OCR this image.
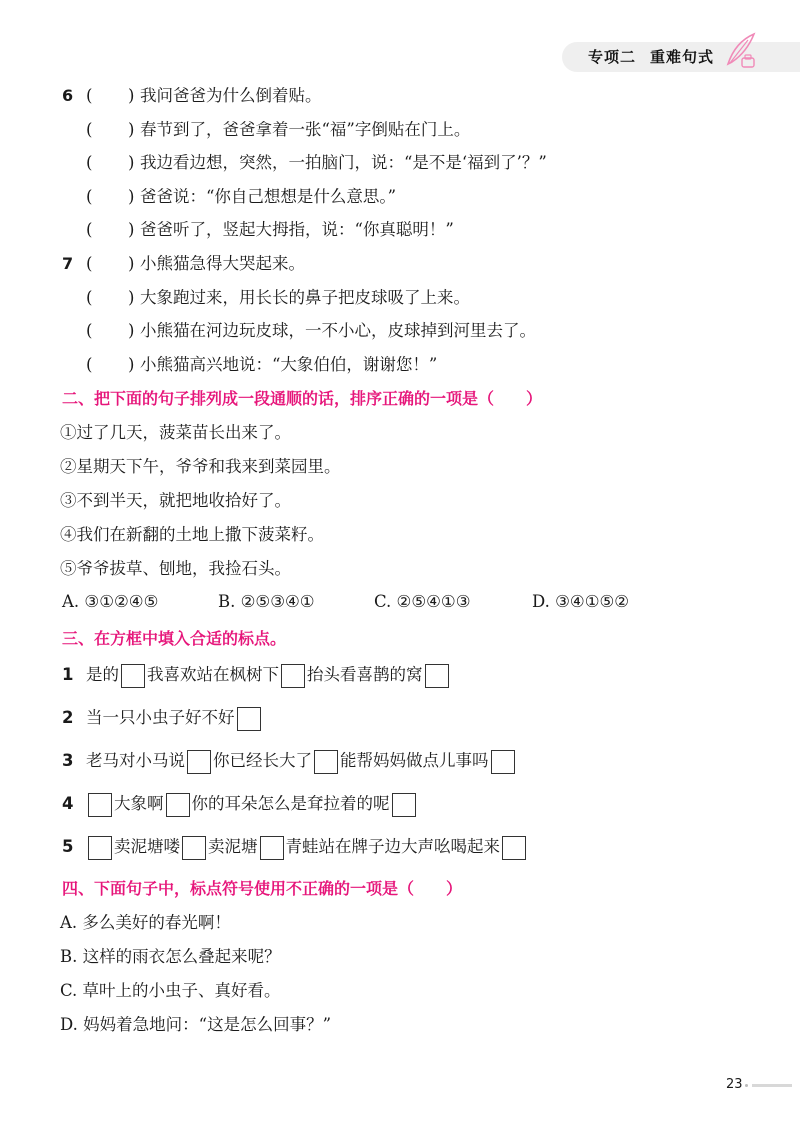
专项二 重难句式
6 ( ) 我问爸爸为什么倒着贴。
( ) 春节到了，爸爸拿着一张“福”字倒贴在门上。
( ) 我边看边想，突然，一拍脑门，说：“是不是‘福到了’？”
( ) 爸爸说：“你自己想想是什么意思。”
( ) 爸爸听了，竖起大拇指，说：“你真聪明！”
7 ( ) 小熊猫急得大哭起来。
( ) 大象跑过来，用长长的鼻子把皮球吸了上来。
( ) 小熊猫在河边玩皮球，一不小心，皮球掉到河里去了。
( ) 小熊猫高兴地说：“大象伯伯，谢谢您！”
二、把下面的句子排列成一段通顺的话，排序正确的一项是（　　）
①过了几天，菠菜苗长出来了。
②星期天下午，爷爷和我来到菜园里。
③不到半天，就把地收拾好了。
④我们在新翻的土地上撒下菠菜籽。
⑤爷爷拔草、刨地，我捡石头。
A. ③①②④⑤	B. ②⑤③④①	C. ②⑤④①③	D. ③④①⑤②
三、在方框中填入合适的标点。
1 是的 我喜欢站在枫树下 抬头看喜鹊的窝
2 当一只小虫子好不好
3 老马对小马说 你已经长大了 能帮妈妈做点儿事吗
4 大象啊 你的耳朵怎么是耷拉着的呢
5 卖泥塘喽 卖泥塘 青蛙站在牌子边大声吆喝起来
四、下面句子中，标点符号使用不正确的一项是（　　）
A. 多么美好的春光啊！
B. 这样的雨衣怎么叠起来呢？
C. 草叶上的小虫子、真好看。
D. 妈妈着急地问：“这是怎么回事？”
23
